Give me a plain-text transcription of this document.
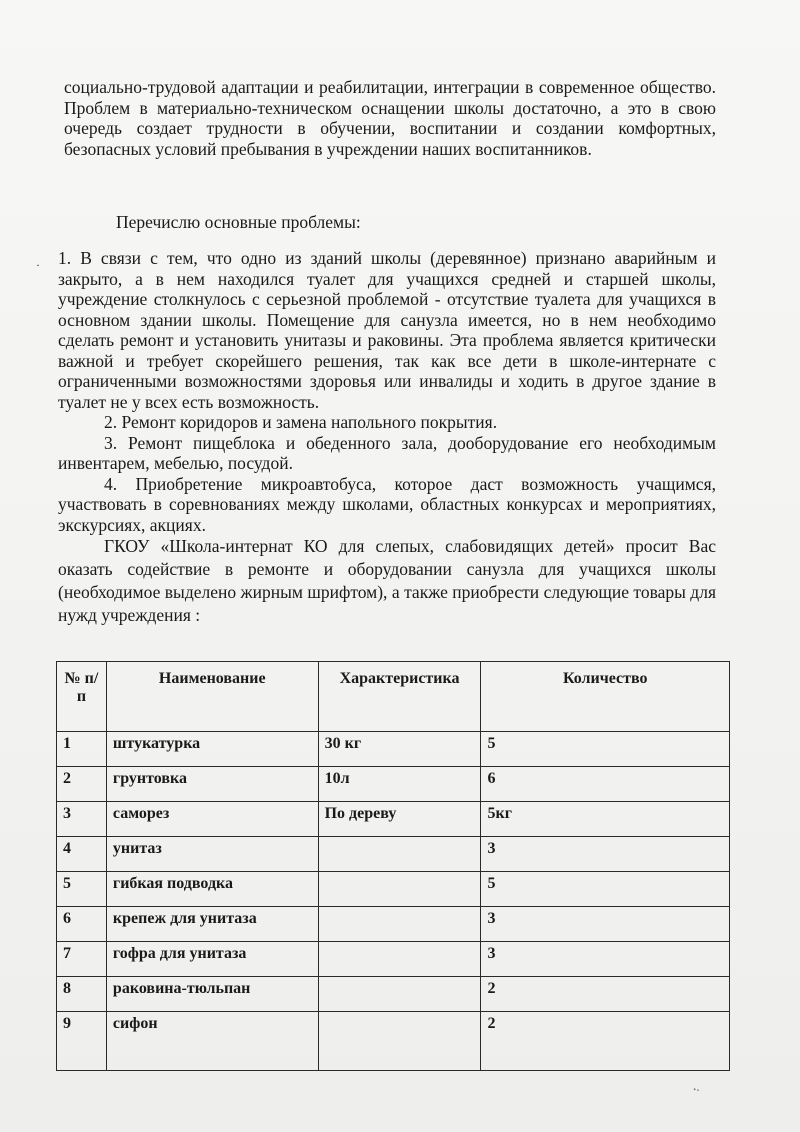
социально-трудовой адаптации и реабилитации, интеграции в современное общество. Проблем в материально-техническом оснащении школы достаточно, а это в свою очередь создает трудности в обучении, воспитании и создании комфортных, безопасных условий пребывания в учреждении наших воспитанников.

Перечислю основные проблемы:

· 1. В связи с тем, что одно из зданий школы (деревянное) признано аварийным и закрыто, а в нем находился туалет для учащихся средней и старшей школы, учреждение столкнулось с серьезной проблемой - отсутствие туалета для учащихся в основном здании школы. Помещение для санузла имеется, но в нем необходимо сделать ремонт и установить унитазы и раковины. Эта проблема является критически важной и требует скорейшего решения, так как все дети в школе-интернате с ограниченными возможностями здоровья или инвалиды и ходить в другое здание в туалет не у всех есть возможность.

2. Ремонт коридоров и замена напольного покрытия.

3. Ремонт пищеблока и обеденного зала, дооборудование его необходимым инвентарем, мебелью, посудой.

4. Приобретение микроавтобуса, которое даст возможность учащимся, участвовать в соревнованиях между школами, областных конкурсах и мероприятиях, экскурсиях, акциях.

ГКОУ «Школа-интернат КО для слепых, слабовидящих детей» просит Вас оказать содействие в ремонте и оборудовании санузла для учащихся школы (необходимое выделено жирным шрифтом), а также приобрести следующие товары для нужд учреждения :

№ п/п	Наименование	Характеристика	Количество
1	штукатурка	30 кг	5
2	грунтовка	10л	6
3	саморез	По дереву	5кг
4	унитаз		3
5	гибкая подводка		5
6	крепеж для унитаза		3
7	гофра для унитаза		3
8	раковина-тюльпан		2
9	сифон		2
᠂·
